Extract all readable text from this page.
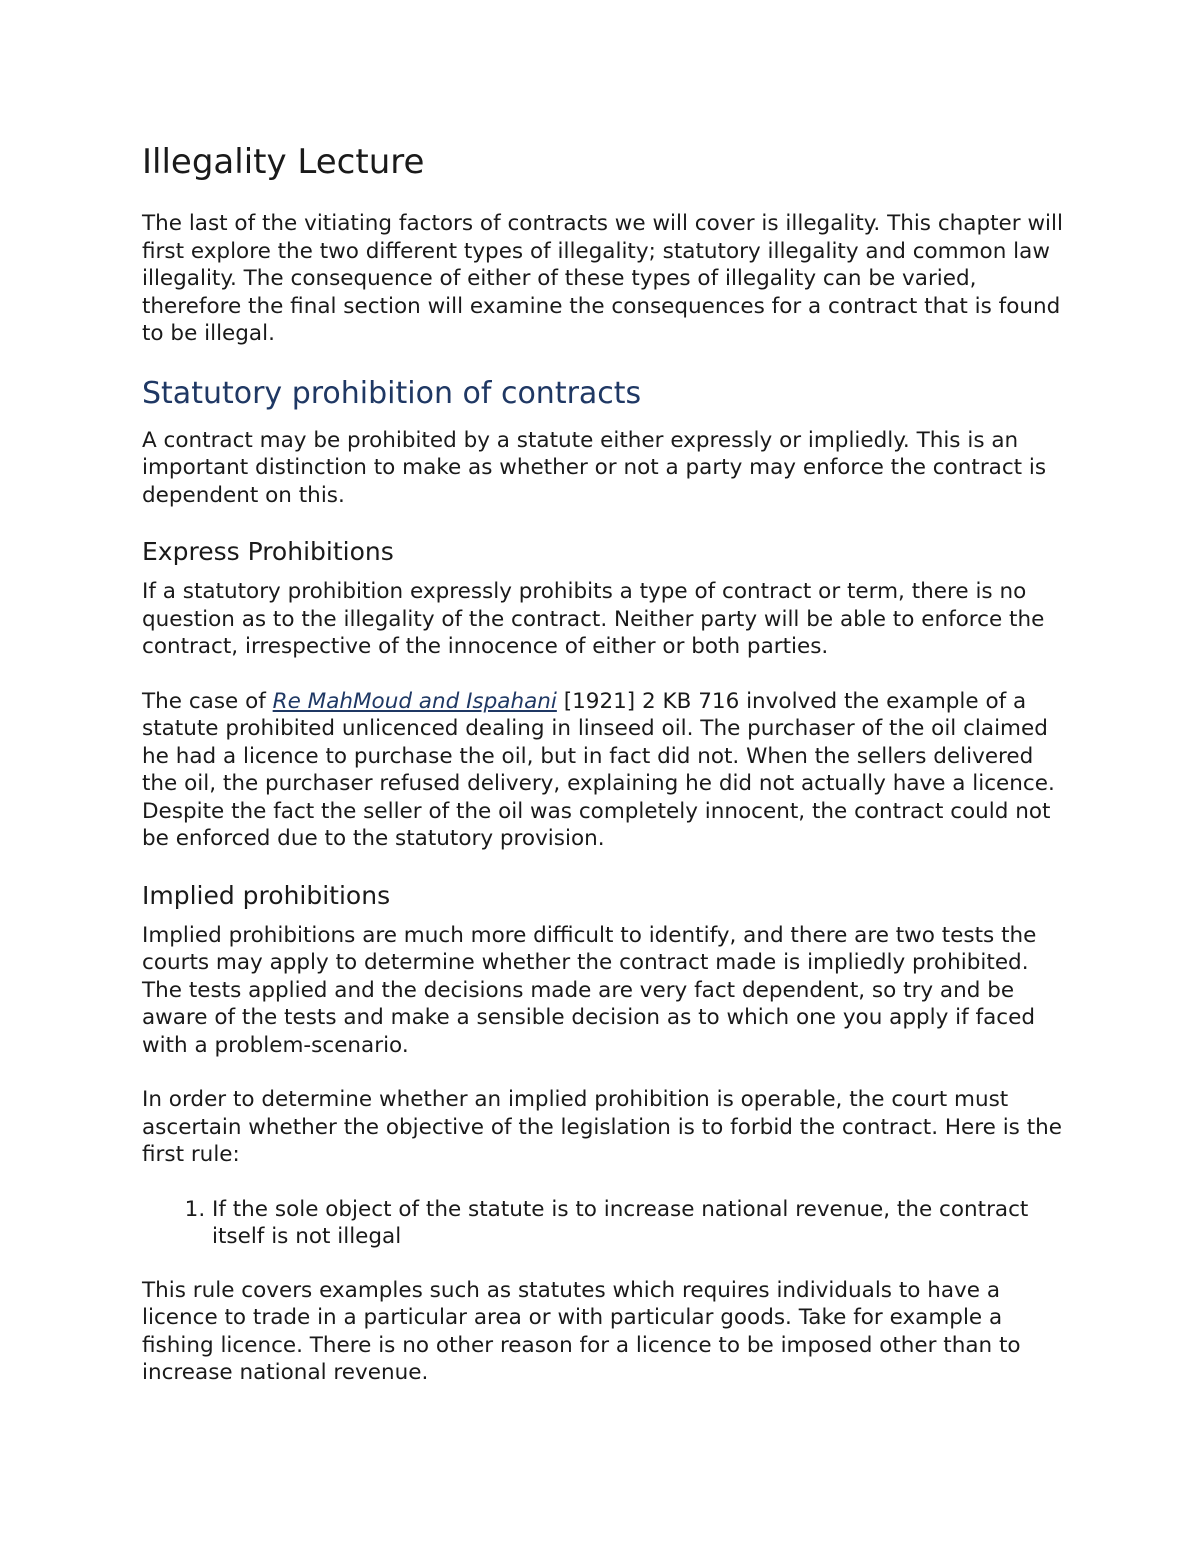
Illegality Lecture

The last of the vitiating factors of contracts we will cover is illegality. This chapter will first explore the two different types of illegality; statutory illegality and common law illegality. The consequence of either of these types of illegality can be varied, therefore the final section will examine the consequences for a contract that is found to be illegal.

Statutory prohibition of contracts

A contract may be prohibited by a statute either expressly or impliedly. This is an important distinction to make as whether or not a party may enforce the contract is dependent on this.

Express Prohibitions

If a statutory prohibition expressly prohibits a type of contract or term, there is no question as to the illegality of the contract. Neither party will be able to enforce the contract, irrespective of the innocence of either or both parties.

The case of Re MahMoud and Ispahani [1921] 2 KB 716 involved the example of a statute prohibited unlicenced dealing in linseed oil. The purchaser of the oil claimed he had a licence to purchase the oil, but in fact did not. When the sellers delivered the oil, the purchaser refused delivery, explaining he did not actually have a licence. Despite the fact the seller of the oil was completely innocent, the contract could not be enforced due to the statutory provision.

Implied prohibitions

Implied prohibitions are much more difficult to identify, and there are two tests the courts may apply to determine whether the contract made is impliedly prohibited. The tests applied and the decisions made are very fact dependent, so try and be aware of the tests and make a sensible decision as to which one you apply if faced with a problem-scenario.

In order to determine whether an implied prohibition is operable, the court must ascertain whether the objective of the legislation is to forbid the contract. Here is the first rule:

1. If the sole object of the statute is to increase national revenue, the contract itself is not illegal

This rule covers examples such as statutes which requires individuals to have a licence to trade in a particular area or with particular goods. Take for example a fishing licence. There is no other reason for a licence to be imposed other than to increase national revenue.
